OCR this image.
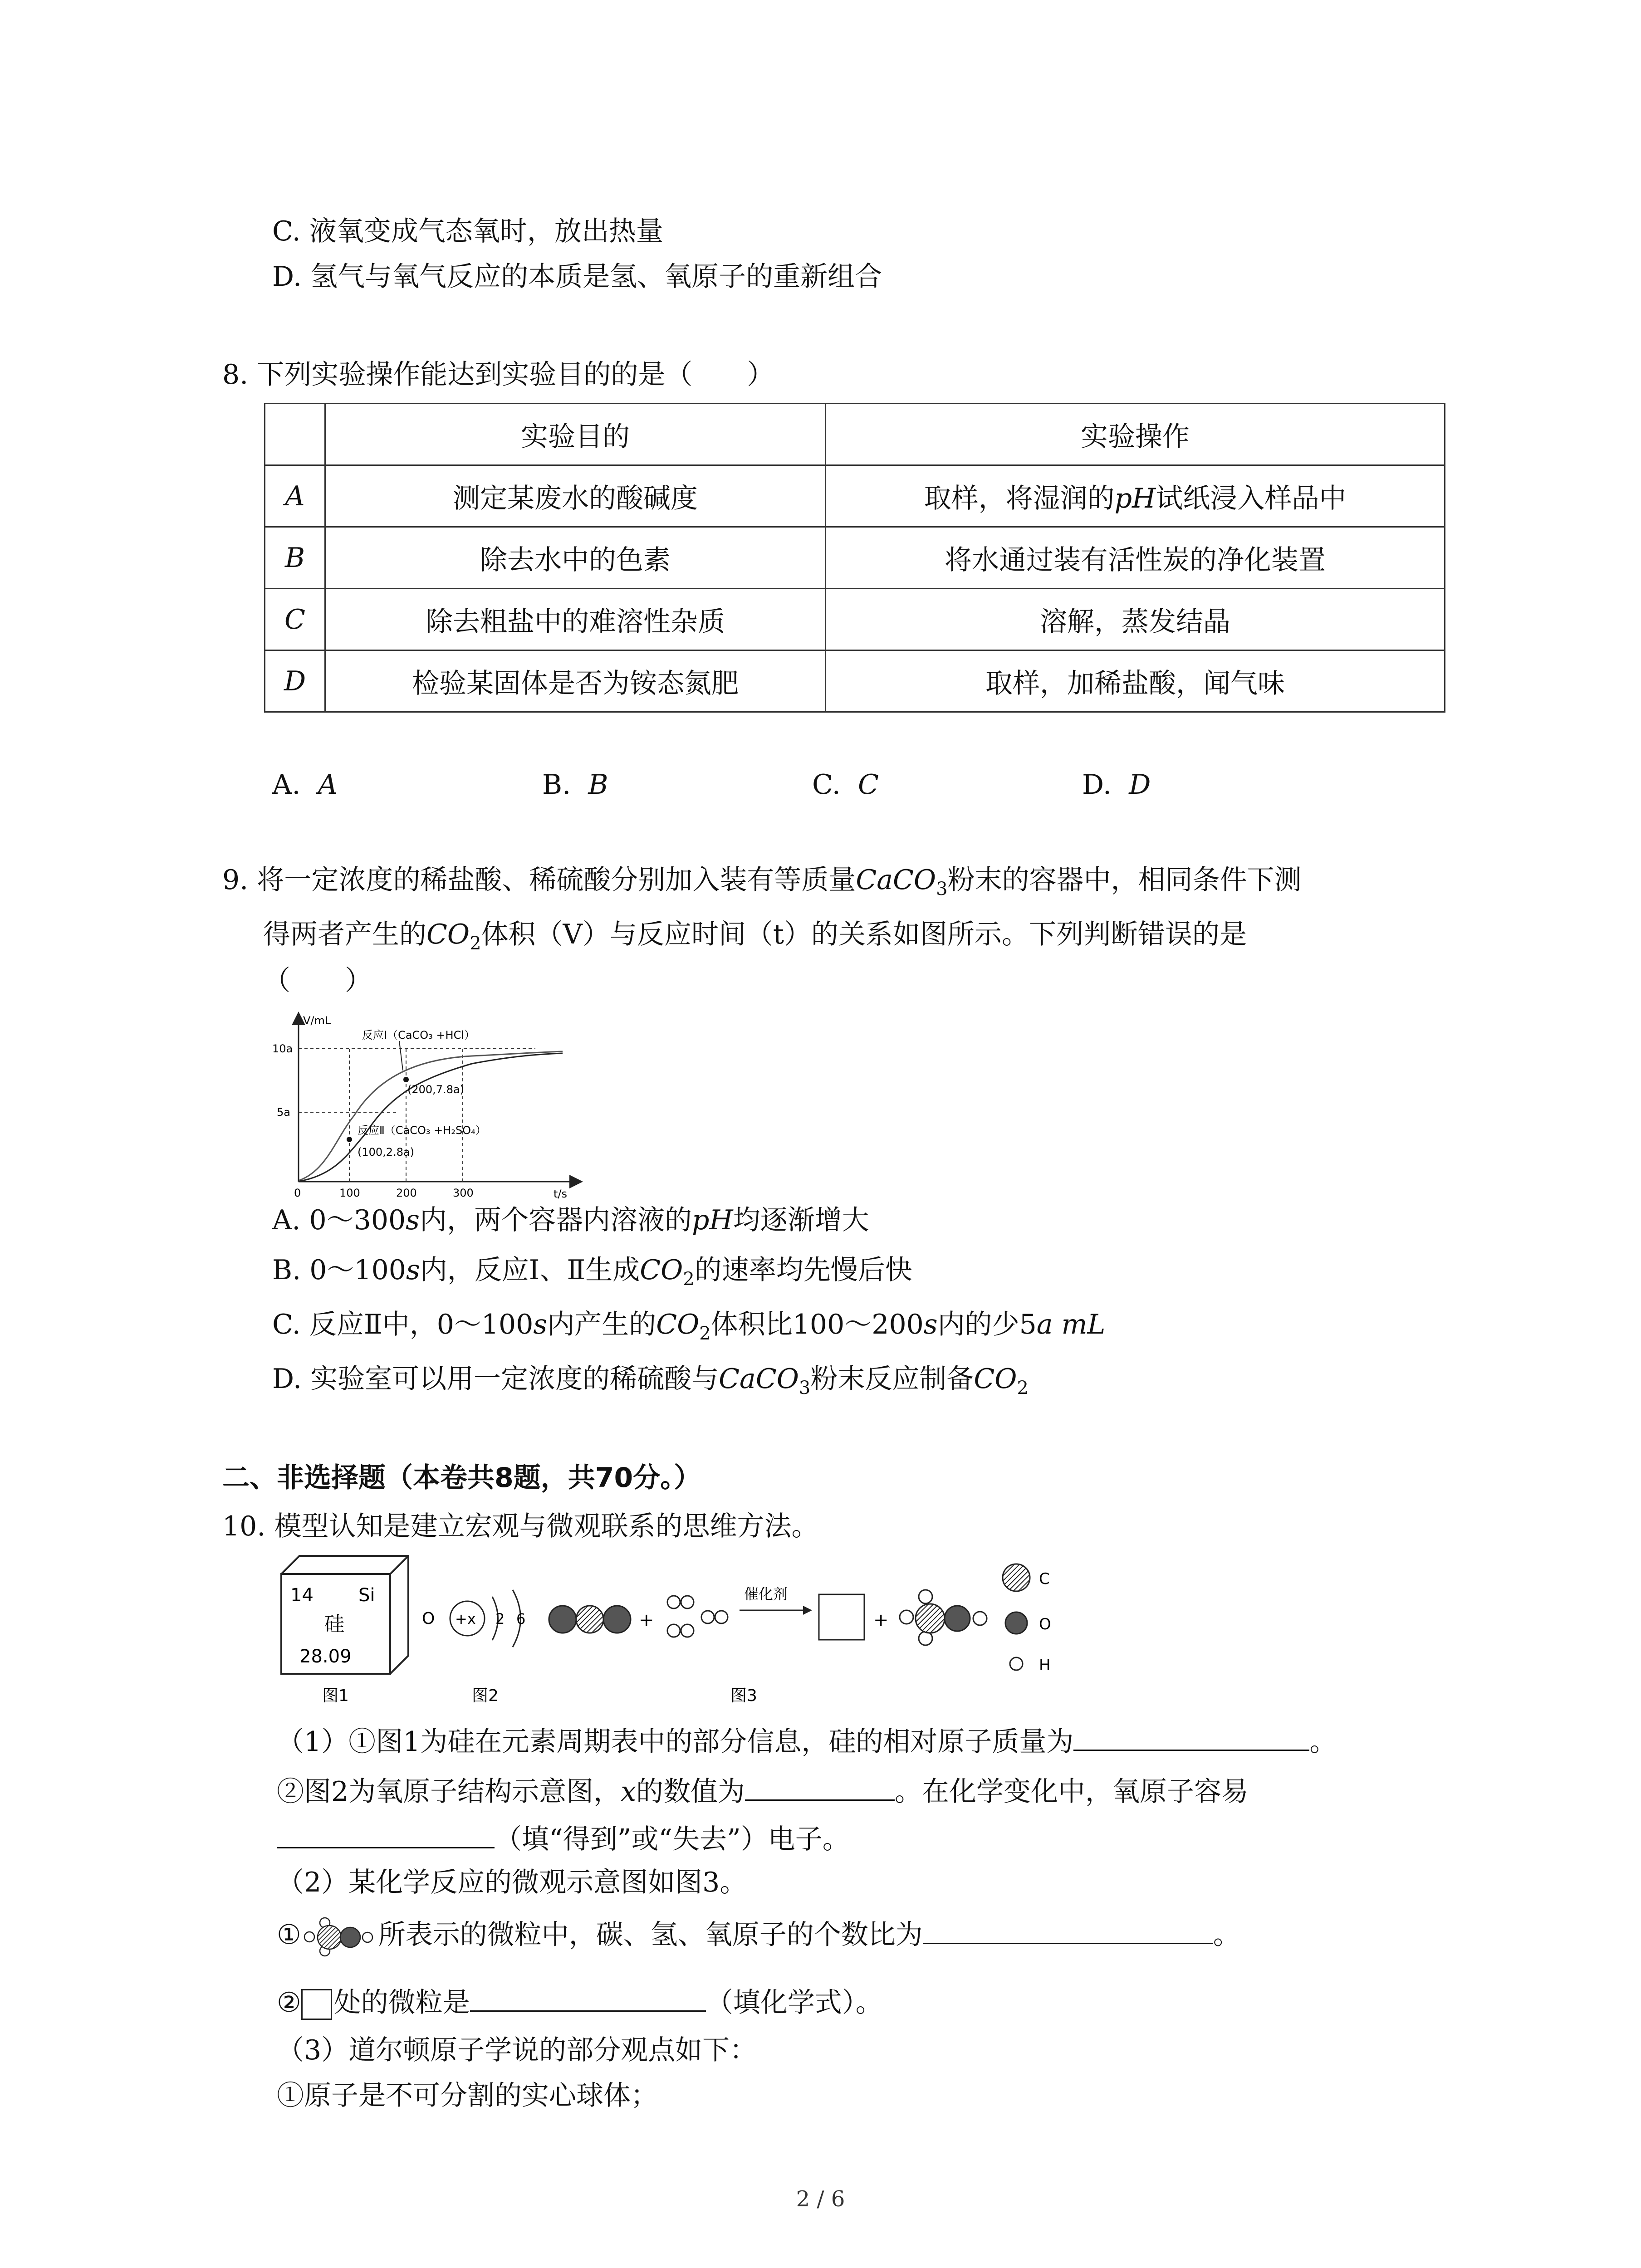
C. 液氧变成气态氧时，放出热量
D. 氢气与氧气反应的本质是氢、氧原子的重新组合
8. 下列实验操作能达到实验目的的是（　　）
	实验目的	实验操作
A	测定某废水的酸碱度	取样，将湿润的pH试纸浸入样品中
B	除去水中的色素	将水通过装有活性炭的净化装置
C	除去粗盐中的难溶性杂质	溶解，蒸发结晶
D	检验某固体是否为铵态氮肥	取样，加稀盐酸，闻气味
A. A	B. B	C. C	D. D
9. 将一定浓度的稀盐酸、稀硫酸分别加入装有等质量CaCO$_3$粉末的容器中，相同条件下测
得两者产生的$CO_2$体积（V）与反应时间（t）的关系如图所示。下列判断错误的是
（　　）
V/mL
t/s
10a
5a
0	100	200	300
反应Ⅰ（CaCO₃ +HCl）
(200,7.8a)
反应Ⅱ（CaCO₃ +H₂SO₄）
(100,2.8a)
A. 0～300s内，两个容器内溶液的pH均逐渐增大
B. 0～100s内，反应Ⅰ、Ⅱ生成$CO_2$的速率均先慢后快
C. 反应Ⅱ中，0～100s内产生的$CO_2$体积比100～200s内的少5a mL
D. 实验室可以用一定浓度的稀硫酸与CaCO$_3$粉末反应制备$CO_2$
二、非选择题（本卷共8题，共70分。）
10. 模型认知是建立宏观与微观联系的思维方法。
14 Si
硅
28.09
图1
O +x 2 6
图2
+
催化剂
+
图3
C
O
H
（1）①图1为硅在元素周期表中的部分信息，硅的相对原子质量为	。
②图2为氧原子结构示意图，x的数值为	。在化学变化中，氧原子容易
（填“得到”或“失去”）电子。
（2）某化学反应的微观示意图如图3。
①	所表示的微粒中，碳、氢、氧原子的个数比为	。
② 处的微粒是	（填化学式）。
（3）道尔顿原子学说的部分观点如下：
①原子是不可分割的实心球体；
2 / 6
